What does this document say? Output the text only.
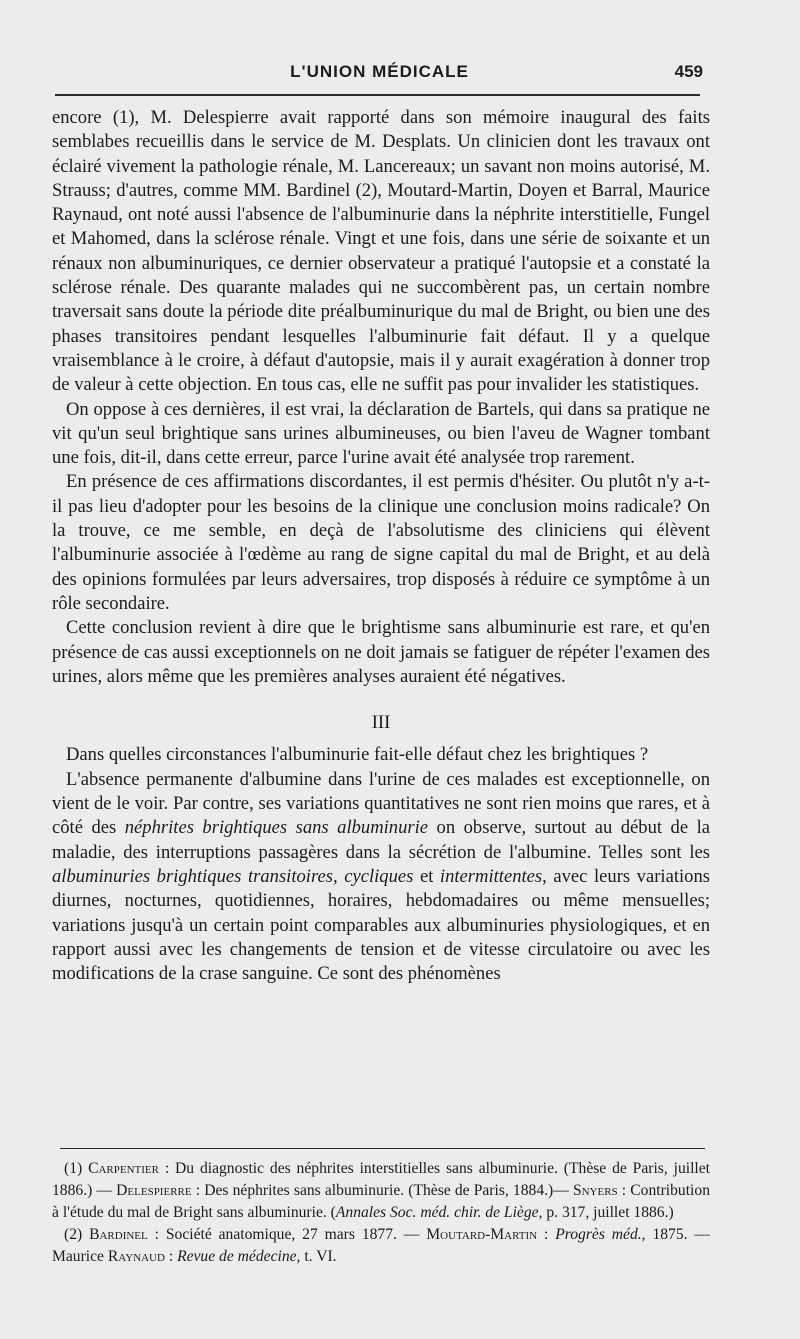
L'UNION MÉDICALE	459

encore (1), M. Delespierre avait rapporté dans son mémoire inaugural des faits semblabes recueillis dans le service de M. Desplats. Un clinicien dont les travaux ont éclairé vivement la pathologie rénale, M. Lancereaux; un savant non moins autorisé, M. Strauss; d'autres, comme MM. Bardinel (2), Moutard-Martin, Doyen et Barral, Maurice Raynaud, ont noté aussi l'absence de l'albuminurie dans la néphrite interstitielle, Fungel et Mahomed, dans la sclérose rénale. Vingt et une fois, dans une série de soixante et un rénaux non albuminuriques, ce dernier observateur a pratiqué l'autopsie et a constaté la sclérose rénale. Des quarante malades qui ne succombèrent pas, un certain nombre traversait sans doute la période dite préalbuminurique du mal de Bright, ou bien une des phases transitoires pendant lesquelles l'albuminurie fait défaut. Il y a quelque vraisemblance à le croire, à défaut d'autopsie, mais il y aurait exagération à donner trop de valeur à cette objection. En tous cas, elle ne suffit pas pour invalider les statistiques.

On oppose à ces dernières, il est vrai, la déclaration de Bartels, qui dans sa pratique ne vit qu'un seul brightique sans urines albumineuses, ou bien l'aveu de Wagner tombant une fois, dit-il, dans cette erreur, parce l'urine avait été analysée trop rarement.

En présence de ces affirmations discordantes, il est permis d'hésiter. Ou plutôt n'y a-t-il pas lieu d'adopter pour les besoins de la clinique une conclusion moins radicale? On la trouve, ce me semble, en deçà de l'absolutisme des cliniciens qui élèvent l'albuminurie associée à l'œdème au rang de signe capital du mal de Bright, et au delà des opinions formulées par leurs adversaires, trop disposés à réduire ce symptôme à un rôle secondaire.

Cette conclusion revient à dire que le brightisme sans albuminurie est rare, et qu'en présence de cas aussi exceptionnels on ne doit jamais se fatiguer de répéter l'examen des urines, alors même que les premières analyses auraient été négatives.

III

Dans quelles circonstances l'albuminurie fait-elle défaut chez les brightiques ?

L'absence permanente d'albumine dans l'urine de ces malades est exceptionnelle, on vient de le voir. Par contre, ses variations quantitatives ne sont rien moins que rares, et à côté des néphrites brightiques sans albuminurie on observe, surtout au début de la maladie, des interruptions passagères dans la sécrétion de l'albumine. Telles sont les albuminuries brightiques transitoires, cycliques et intermittentes, avec leurs variations diurnes, nocturnes, quotidiennes, horaires, hebdomadaires ou même mensuelles; variations jusqu'à un certain point comparables aux albuminuries physiologiques, et en rapport aussi avec les changements de tension et de vitesse circulatoire ou avec les modifications de la crase sanguine. Ce sont des phénomènes

(1) Carpentier : Du diagnostic des néphrites interstitielles sans albuminurie. (Thèse de Paris, juillet 1886.) — Delespierre : Des néphrites sans albuminurie. (Thèse de Paris, 1884.)— Snyers : Contribution à l'étude du mal de Bright sans albuminurie. (Annales Soc. méd. chir. de Liège, p. 317, juillet 1886.)

(2) Bardinel : Société anatomique, 27 mars 1877. — Moutard-Martin : Progrès méd., 1875. — Maurice Raynaud : Revue de médecine, t. VI.
